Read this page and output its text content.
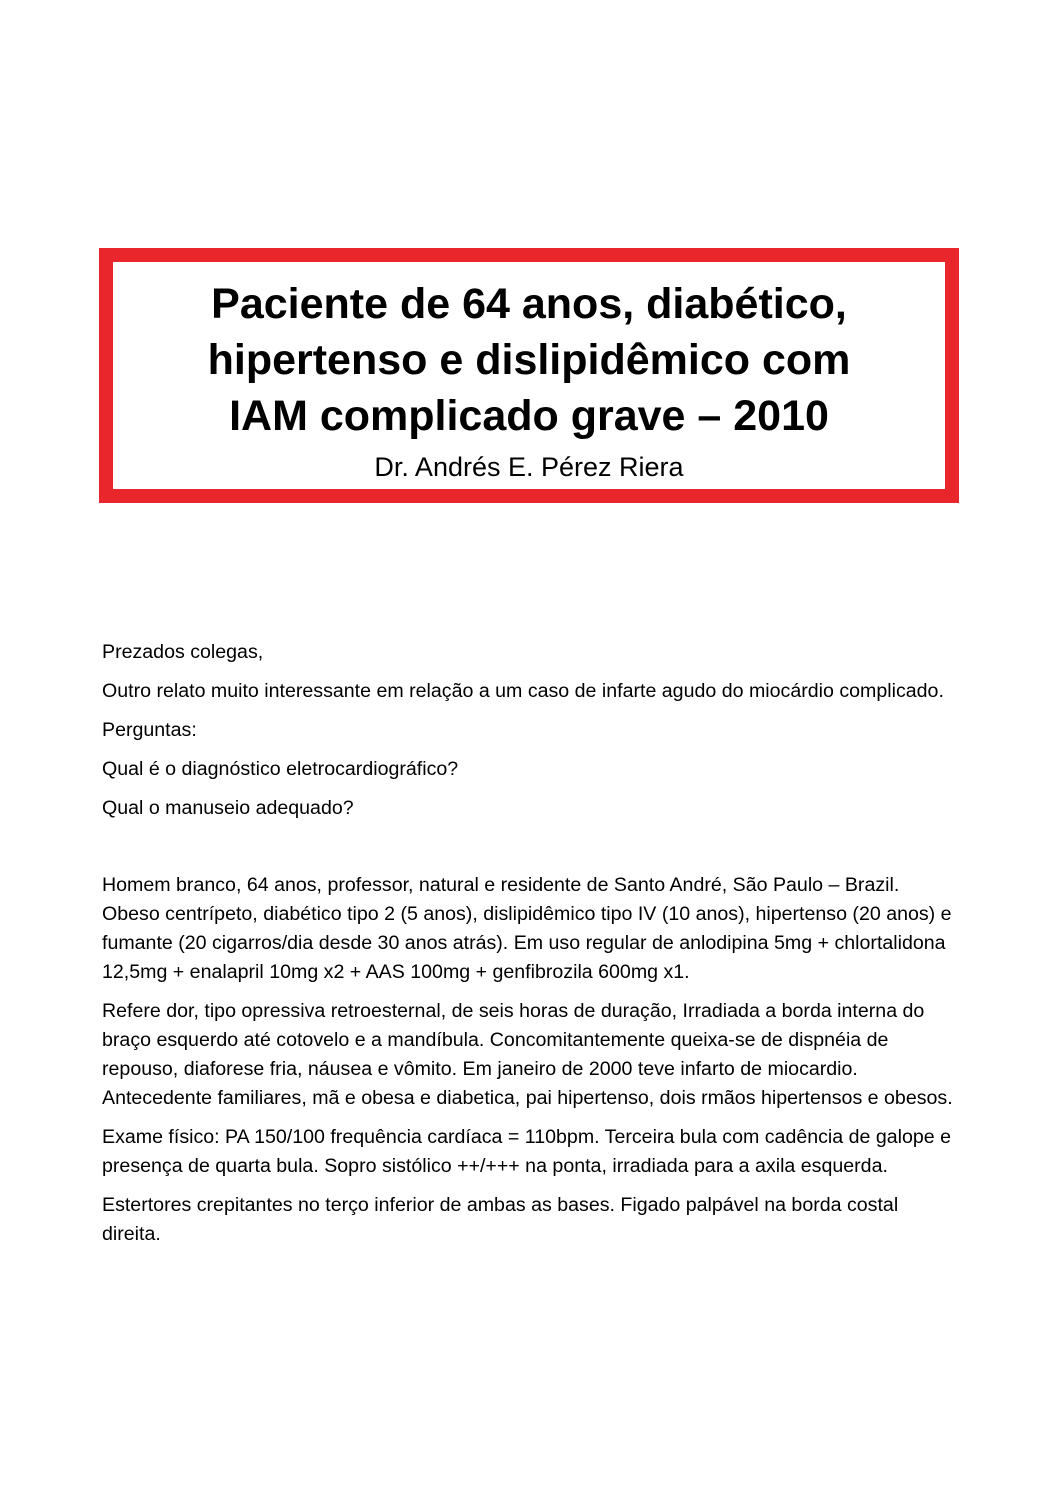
Paciente de 64 anos, diabético,
hipertenso e dislipidêmico com
IAM complicado grave – 2010

Dr. Andrés E. Pérez Riera

Prezados colegas,

Outro relato muito interessante em relação a um caso de infarte agudo do miocárdio complicado.

Perguntas:

Qual é o diagnóstico eletrocardiográfico?

Qual o manuseio adequado?

Homem branco, 64 anos, professor, natural e residente de Santo André, São Paulo – Brazil. Obeso centrípeto, diabético tipo 2 (5 anos), dislipidêmico tipo IV (10 anos), hipertenso (20 anos) e fumante (20 cigarros/dia desde 30 anos atrás). Em uso regular de anlodipina 5mg + chlortalidona 12,5mg + enalapril 10mg x2 + AAS 100mg + genfibrozila 600mg x1.

Refere dor, tipo opressiva retroesternal, de seis horas de duração, Irradiada a borda interna do braço esquerdo até cotovelo e a mandíbula. Concomitantemente queixa-se de dispnéia de repouso, diaforese fria, náusea e vômito. Em janeiro de 2000 teve infarto de miocardio. Antecedente familiares, mã e obesa e diabetica, pai hipertenso, dois rmãos hipertensos e obesos.

Exame físico: PA 150/100 frequência cardíaca = 110bpm. Terceira bula com cadência de galope e presença de quarta bula. Sopro sistólico ++/+++ na ponta, irradiada para a axila esquerda.

Estertores crepitantes no terço inferior de ambas as bases. Figado palpável na borda costal direita.
